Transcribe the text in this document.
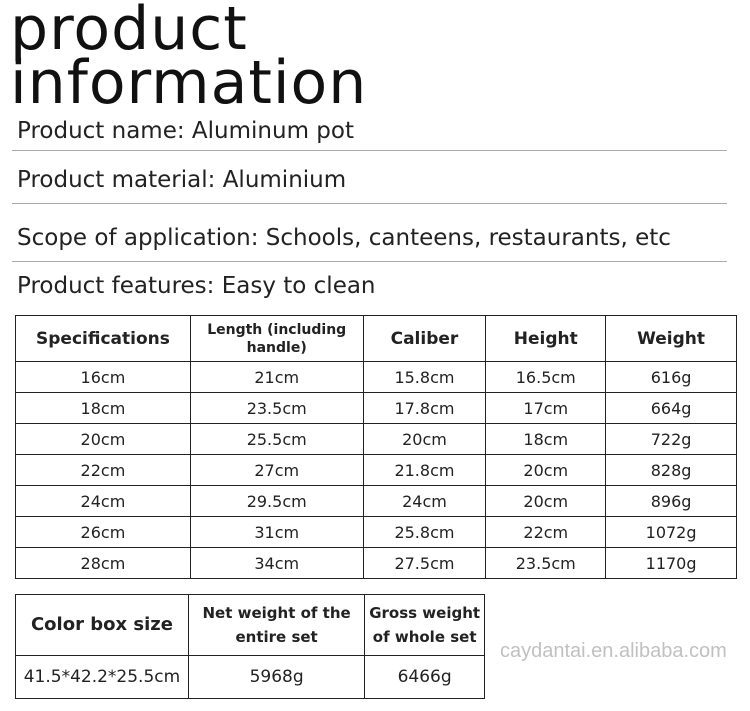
product
information
Product name: Aluminum pot
Product material: Aluminium
Scope of application: Schools, canteens, restaurants, etc
Product features: Easy to clean
Specifications	Length (including handle)	Caliber	Height	Weight
16cm	21cm	15.8cm	16.5cm	616g
18cm	23.5cm	17.8cm	17cm	664g
20cm	25.5cm	20cm	18cm	722g
22cm	27cm	21.8cm	20cm	828g
24cm	29.5cm	24cm	20cm	896g
26cm	31cm	25.8cm	22cm	1072g
28cm	34cm	27.5cm	23.5cm	1170g
Color box size	Net weight of the entire set	Gross weight of whole set
41.5*42.2*25.5cm	5968g	6466g
caydantai.en.alibaba.com
